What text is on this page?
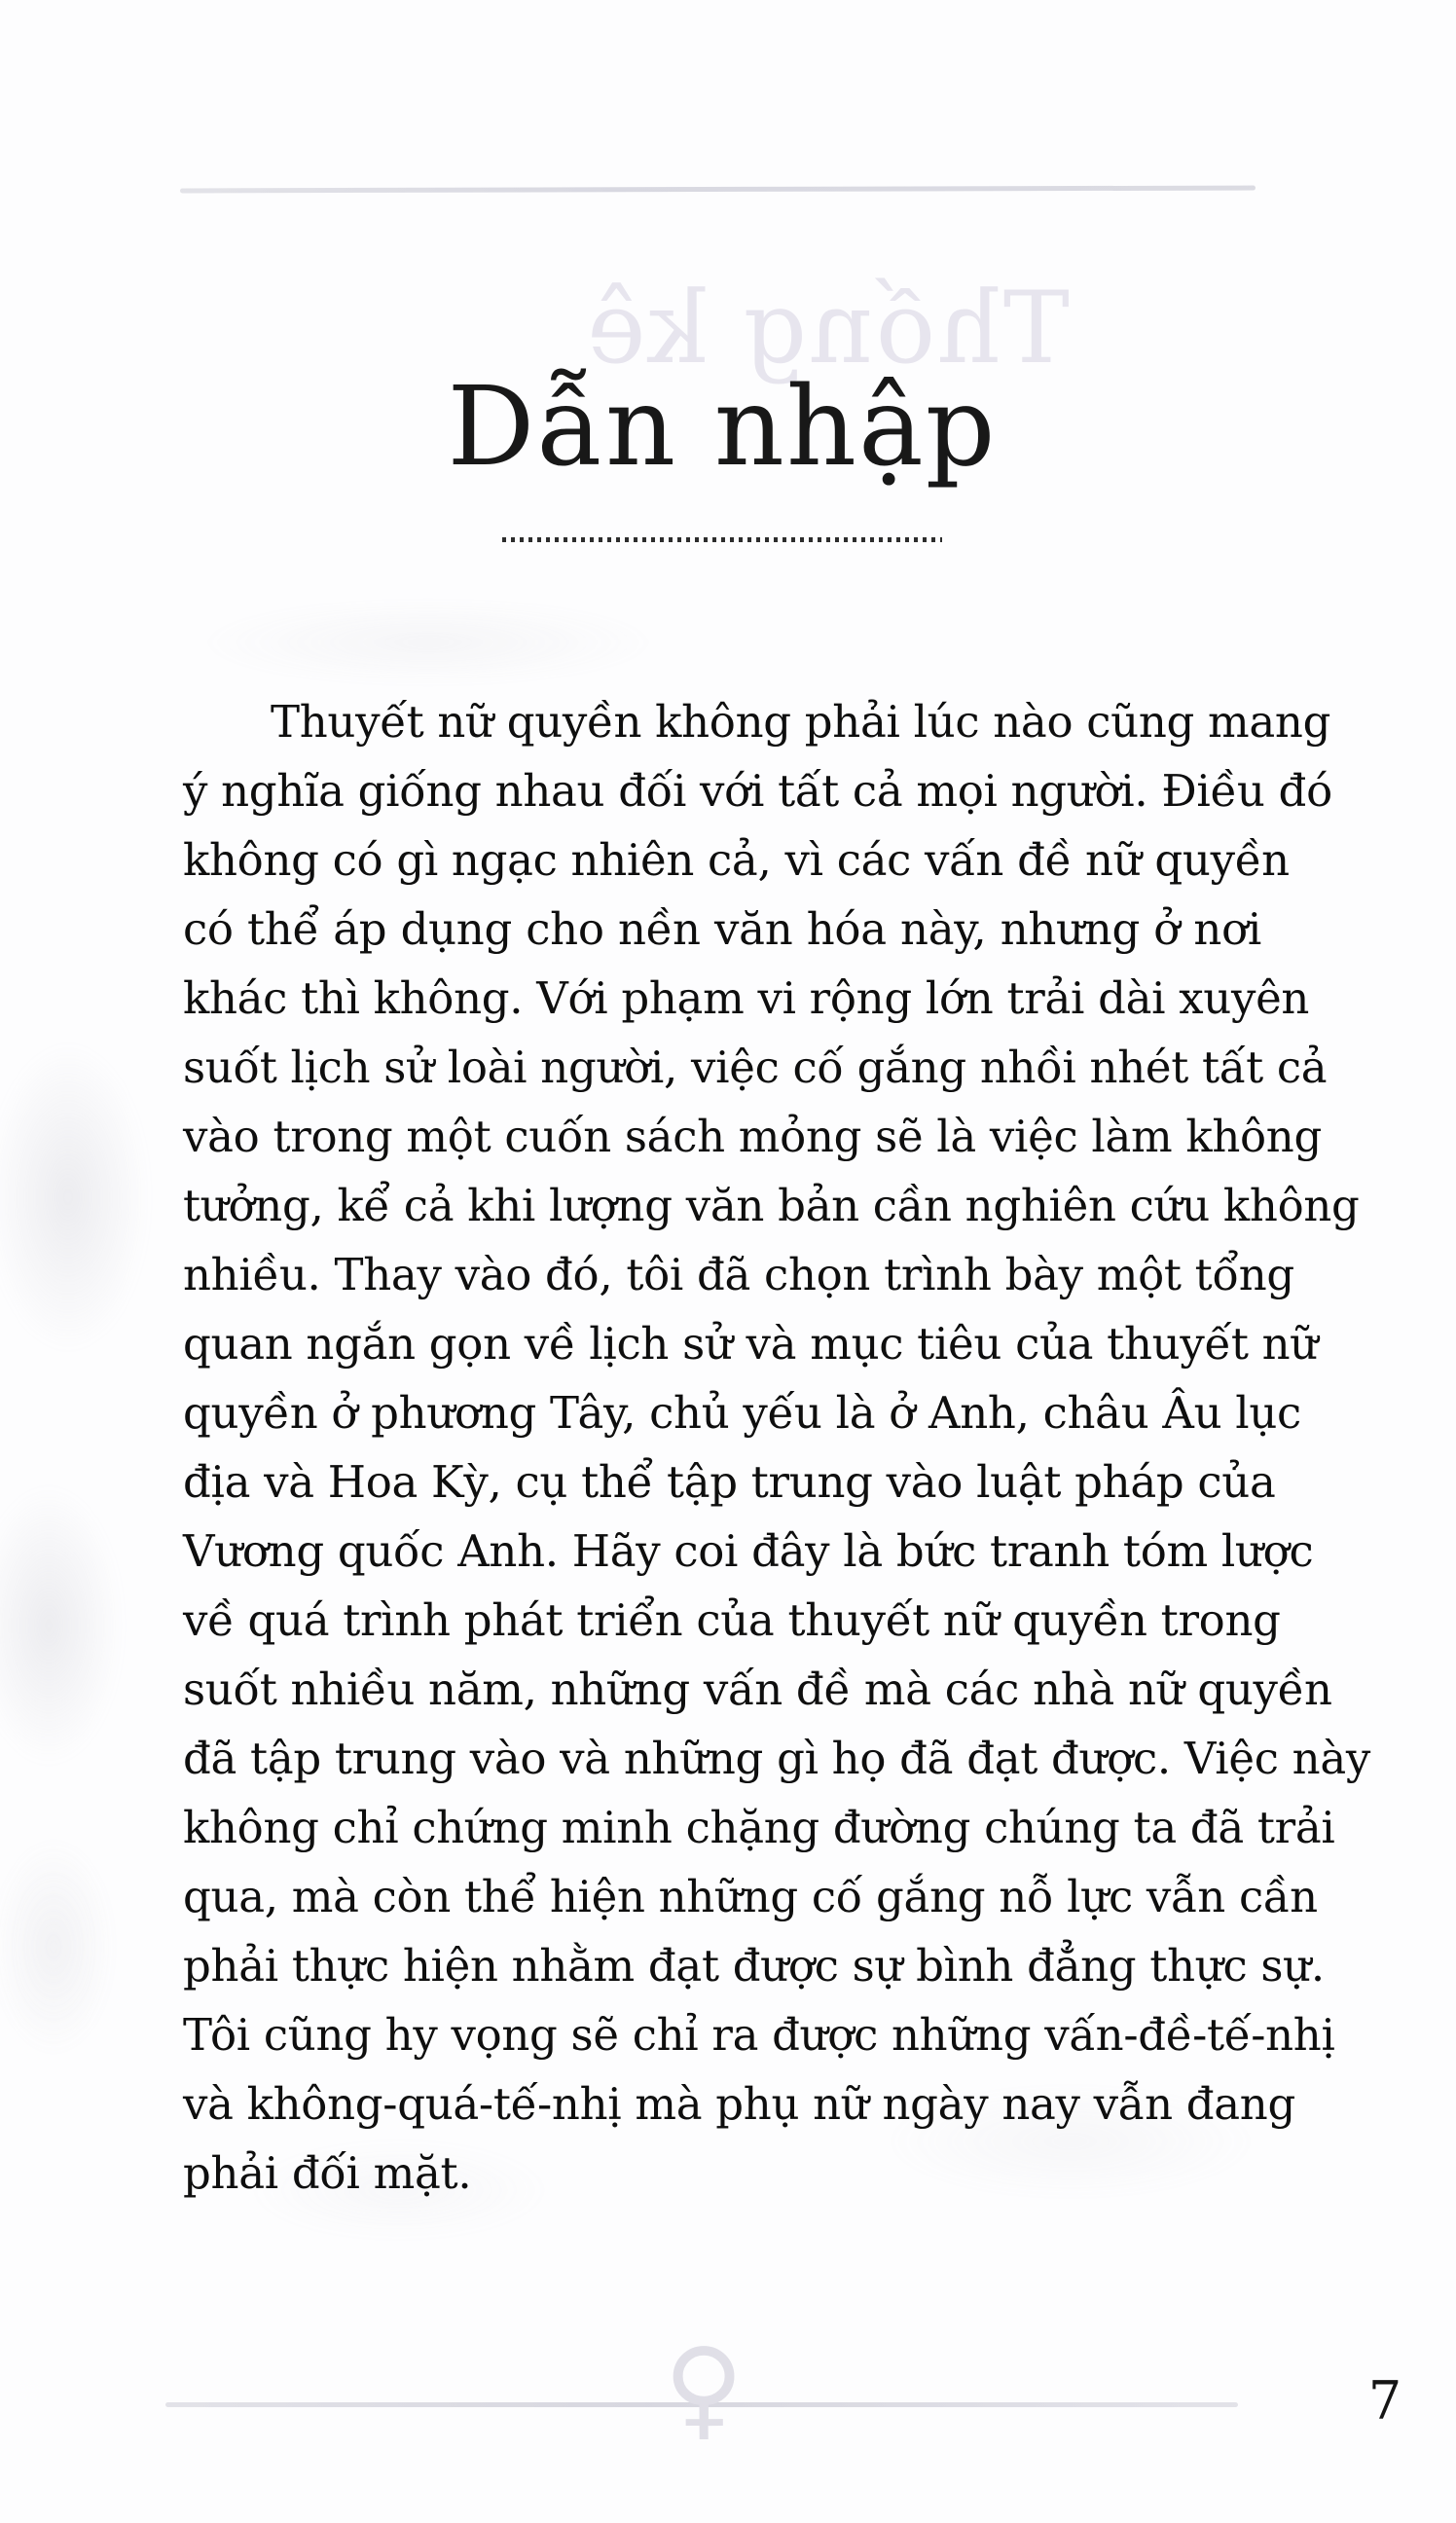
Thống kê
Dẫn nhập
Thuyết nữ quyền không phải lúc nào cũng mang
ý nghĩa giống nhau đối với tất cả mọi người. Điều đó
không có gì ngạc nhiên cả, vì các vấn đề nữ quyền
có thể áp dụng cho nền văn hóa này, nhưng ở nơi
khác thì không. Với phạm vi rộng lớn trải dài xuyên
suốt lịch sử loài người, việc cố gắng nhồi nhét tất cả
vào trong một cuốn sách mỏng sẽ là việc làm không
tưởng, kể cả khi lượng văn bản cần nghiên cứu không
nhiều. Thay vào đó, tôi đã chọn trình bày một tổng
quan ngắn gọn về lịch sử và mục tiêu của thuyết nữ
quyền ở phương Tây, chủ yếu là ở Anh, châu Âu lục
địa và Hoa Kỳ, cụ thể tập trung vào luật pháp của
Vương quốc Anh. Hãy coi đây là bức tranh tóm lược
về quá trình phát triển của thuyết nữ quyền trong
suốt nhiều năm, những vấn đề mà các nhà nữ quyền
đã tập trung vào và những gì họ đã đạt được. Việc này
không chỉ chứng minh chặng đường chúng ta đã trải
qua, mà còn thể hiện những cố gắng nỗ lực vẫn cần
phải thực hiện nhằm đạt được sự bình đẳng thực sự.
Tôi cũng hy vọng sẽ chỉ ra được những vấn-đề-tế-nhị
và không-quá-tế-nhị mà phụ nữ ngày nay vẫn đang
phải đối mặt.
♀	7
